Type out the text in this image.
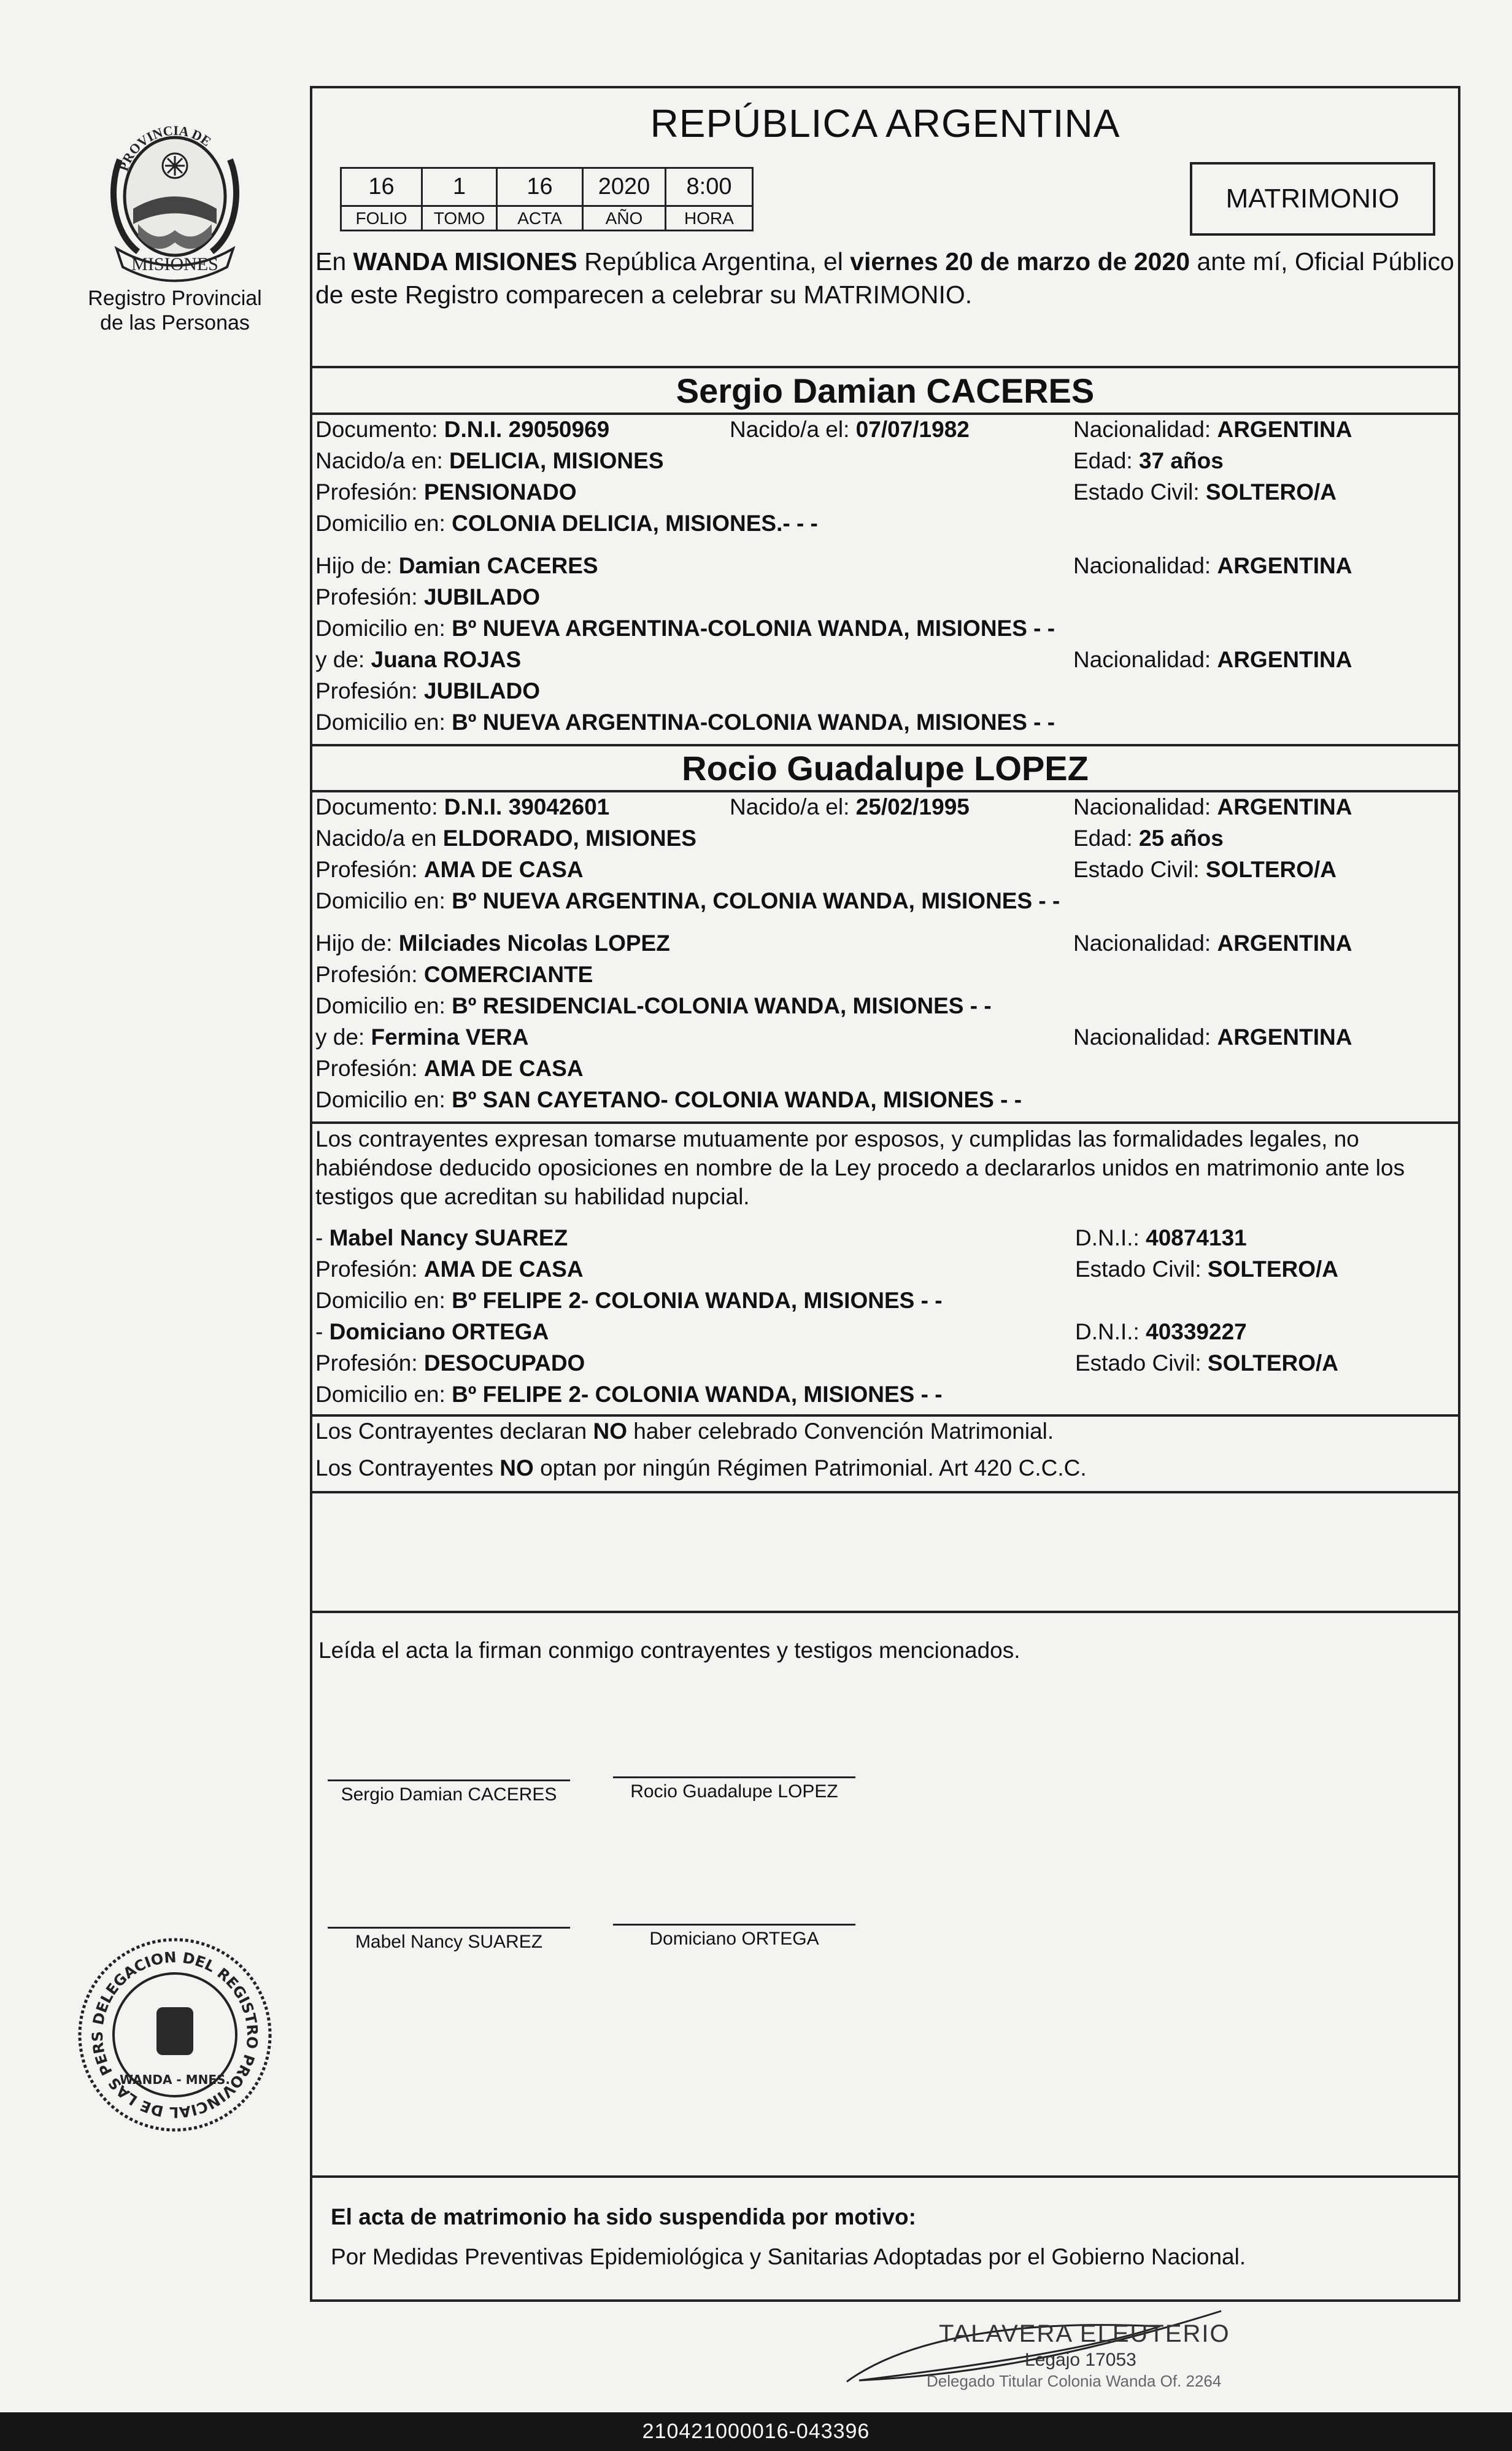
PROVINCIA DE
MISIONES
Registro Provincial
de las Personas
REPÚBLICA ARGENTINA
16	1	16	2020	8:00
FOLIO	TOMO	ACTA	AÑO	HORA
MATRIMONIO
En WANDA MISIONES República Argentina, el viernes 20 de marzo de 2020 ante mí, Oficial Público de este Registro comparecen a celebrar su MATRIMONIO.
Sergio Damian CACERES
Documento: D.N.I. 29050969	Nacido/a el: 07/07/1982	Nacionalidad: ARGENTINA
Nacido/a en: DELICIA, MISIONES	Edad: 37 años
Profesión: PENSIONADO	Estado Civil: SOLTERO/A
Domicilio en: COLONIA DELICIA, MISIONES.- - -
Hijo de: Damian CACERES	Nacionalidad: ARGENTINA
Profesión: JUBILADO
Domicilio en: Bº NUEVA ARGENTINA-COLONIA WANDA, MISIONES - -
y de: Juana ROJAS	Nacionalidad: ARGENTINA
Profesión: JUBILADO
Domicilio en: Bº NUEVA ARGENTINA-COLONIA WANDA, MISIONES - -
Rocio Guadalupe LOPEZ
Documento: D.N.I. 39042601	Nacido/a el: 25/02/1995	Nacionalidad: ARGENTINA
Nacido/a en ELDORADO, MISIONES	Edad: 25 años
Profesión: AMA DE CASA	Estado Civil: SOLTERO/A
Domicilio en: Bº NUEVA ARGENTINA, COLONIA WANDA, MISIONES - -
Hijo de: Milciades Nicolas LOPEZ	Nacionalidad: ARGENTINA
Profesión: COMERCIANTE
Domicilio en: Bº RESIDENCIAL-COLONIA WANDA, MISIONES - -
y de: Fermina VERA	Nacionalidad: ARGENTINA
Profesión: AMA DE CASA
Domicilio en: Bº SAN CAYETANO- COLONIA WANDA, MISIONES - -
Los contrayentes expresan tomarse mutuamente por esposos, y cumplidas las formalidades legales, no habiéndose deducido oposiciones en nombre de la Ley procedo a declararlos unidos en matrimonio ante los testigos que acreditan su habilidad nupcial.
- Mabel Nancy SUAREZ	D.N.I.: 40874131
Profesión: AMA DE CASA	Estado Civil: SOLTERO/A
Domicilio en: Bº FELIPE 2- COLONIA WANDA, MISIONES - -
- Domiciano ORTEGA	D.N.I.: 40339227
Profesión: DESOCUPADO	Estado Civil: SOLTERO/A
Domicilio en: Bº FELIPE 2- COLONIA WANDA, MISIONES - -
Los Contrayentes declaran NO haber celebrado Convención Matrimonial.
Los Contrayentes NO optan por ningún Régimen Patrimonial. Art 420 C.C.C.
Leída el acta la firman conmigo contrayentes y testigos mencionados.
Sergio Damian CACERES	Rocio Guadalupe LOPEZ
Mabel Nancy SUAREZ	Domiciano ORTEGA
El acta de matrimonio ha sido suspendida por motivo:
Por Medidas Preventivas Epidemiológica y Sanitarias Adoptadas por el Gobierno Nacional.
DELEGACION DEL REGISTRO PROVINCIAL DE LAS PERS
WANDA - MNES.
TALAVERA ELEUTERIO
Legajo 17053
Delegado Titular Colonia Wanda Of. 2264
210421000016-043396
